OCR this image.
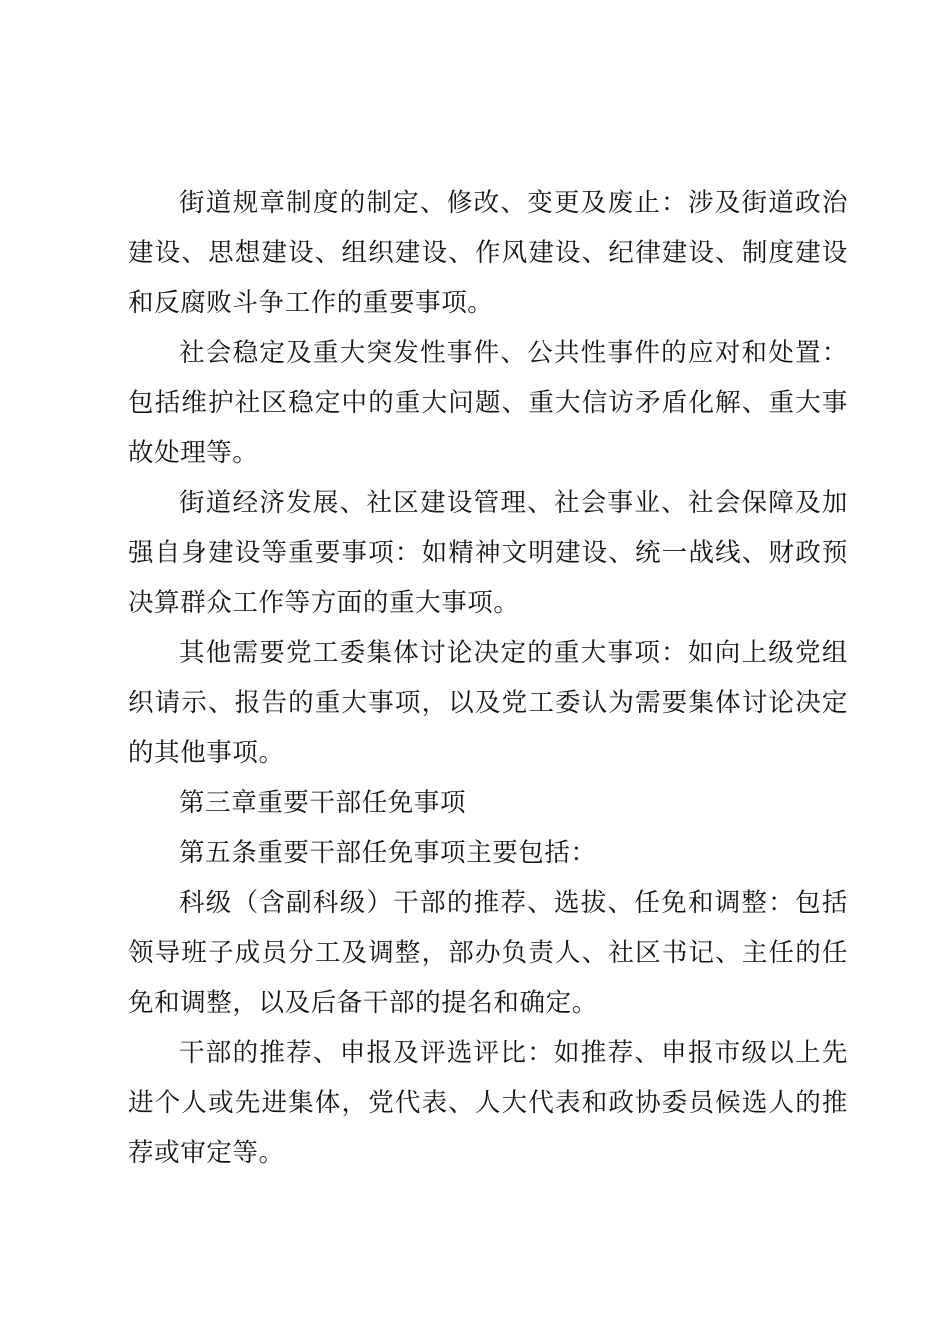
街道规章制度的制定、修改、变更及废止：涉及街道政治建设、思想建设、组织建设、作风建设、纪律建设、制度建设和反腐败斗争工作的重要事项。

社会稳定及重大突发性事件、公共性事件的应对和处置：包括维护社区稳定中的重大问题、重大信访矛盾化解、重大事故处理等。

街道经济发展、社区建设管理、社会事业、社会保障及加强自身建设等重要事项：如精神文明建设、统一战线、财政预决算群众工作等方面的重大事项。

其他需要党工委集体讨论决定的重大事项：如向上级党组织请示、报告的重大事项，以及党工委认为需要集体讨论决定的其他事项。

第三章重要干部任免事项

第五条重要干部任免事项主要包括：

科级（含副科级）干部的推荐、选拔、任免和调整：包括领导班子成员分工及调整，部办负责人、社区书记、主任的任免和调整，以及后备干部的提名和确定。

干部的推荐、申报及评选评比：如推荐、申报市级以上先进个人或先进集体，党代表、人大代表和政协委员候选人的推荐或审定等。
